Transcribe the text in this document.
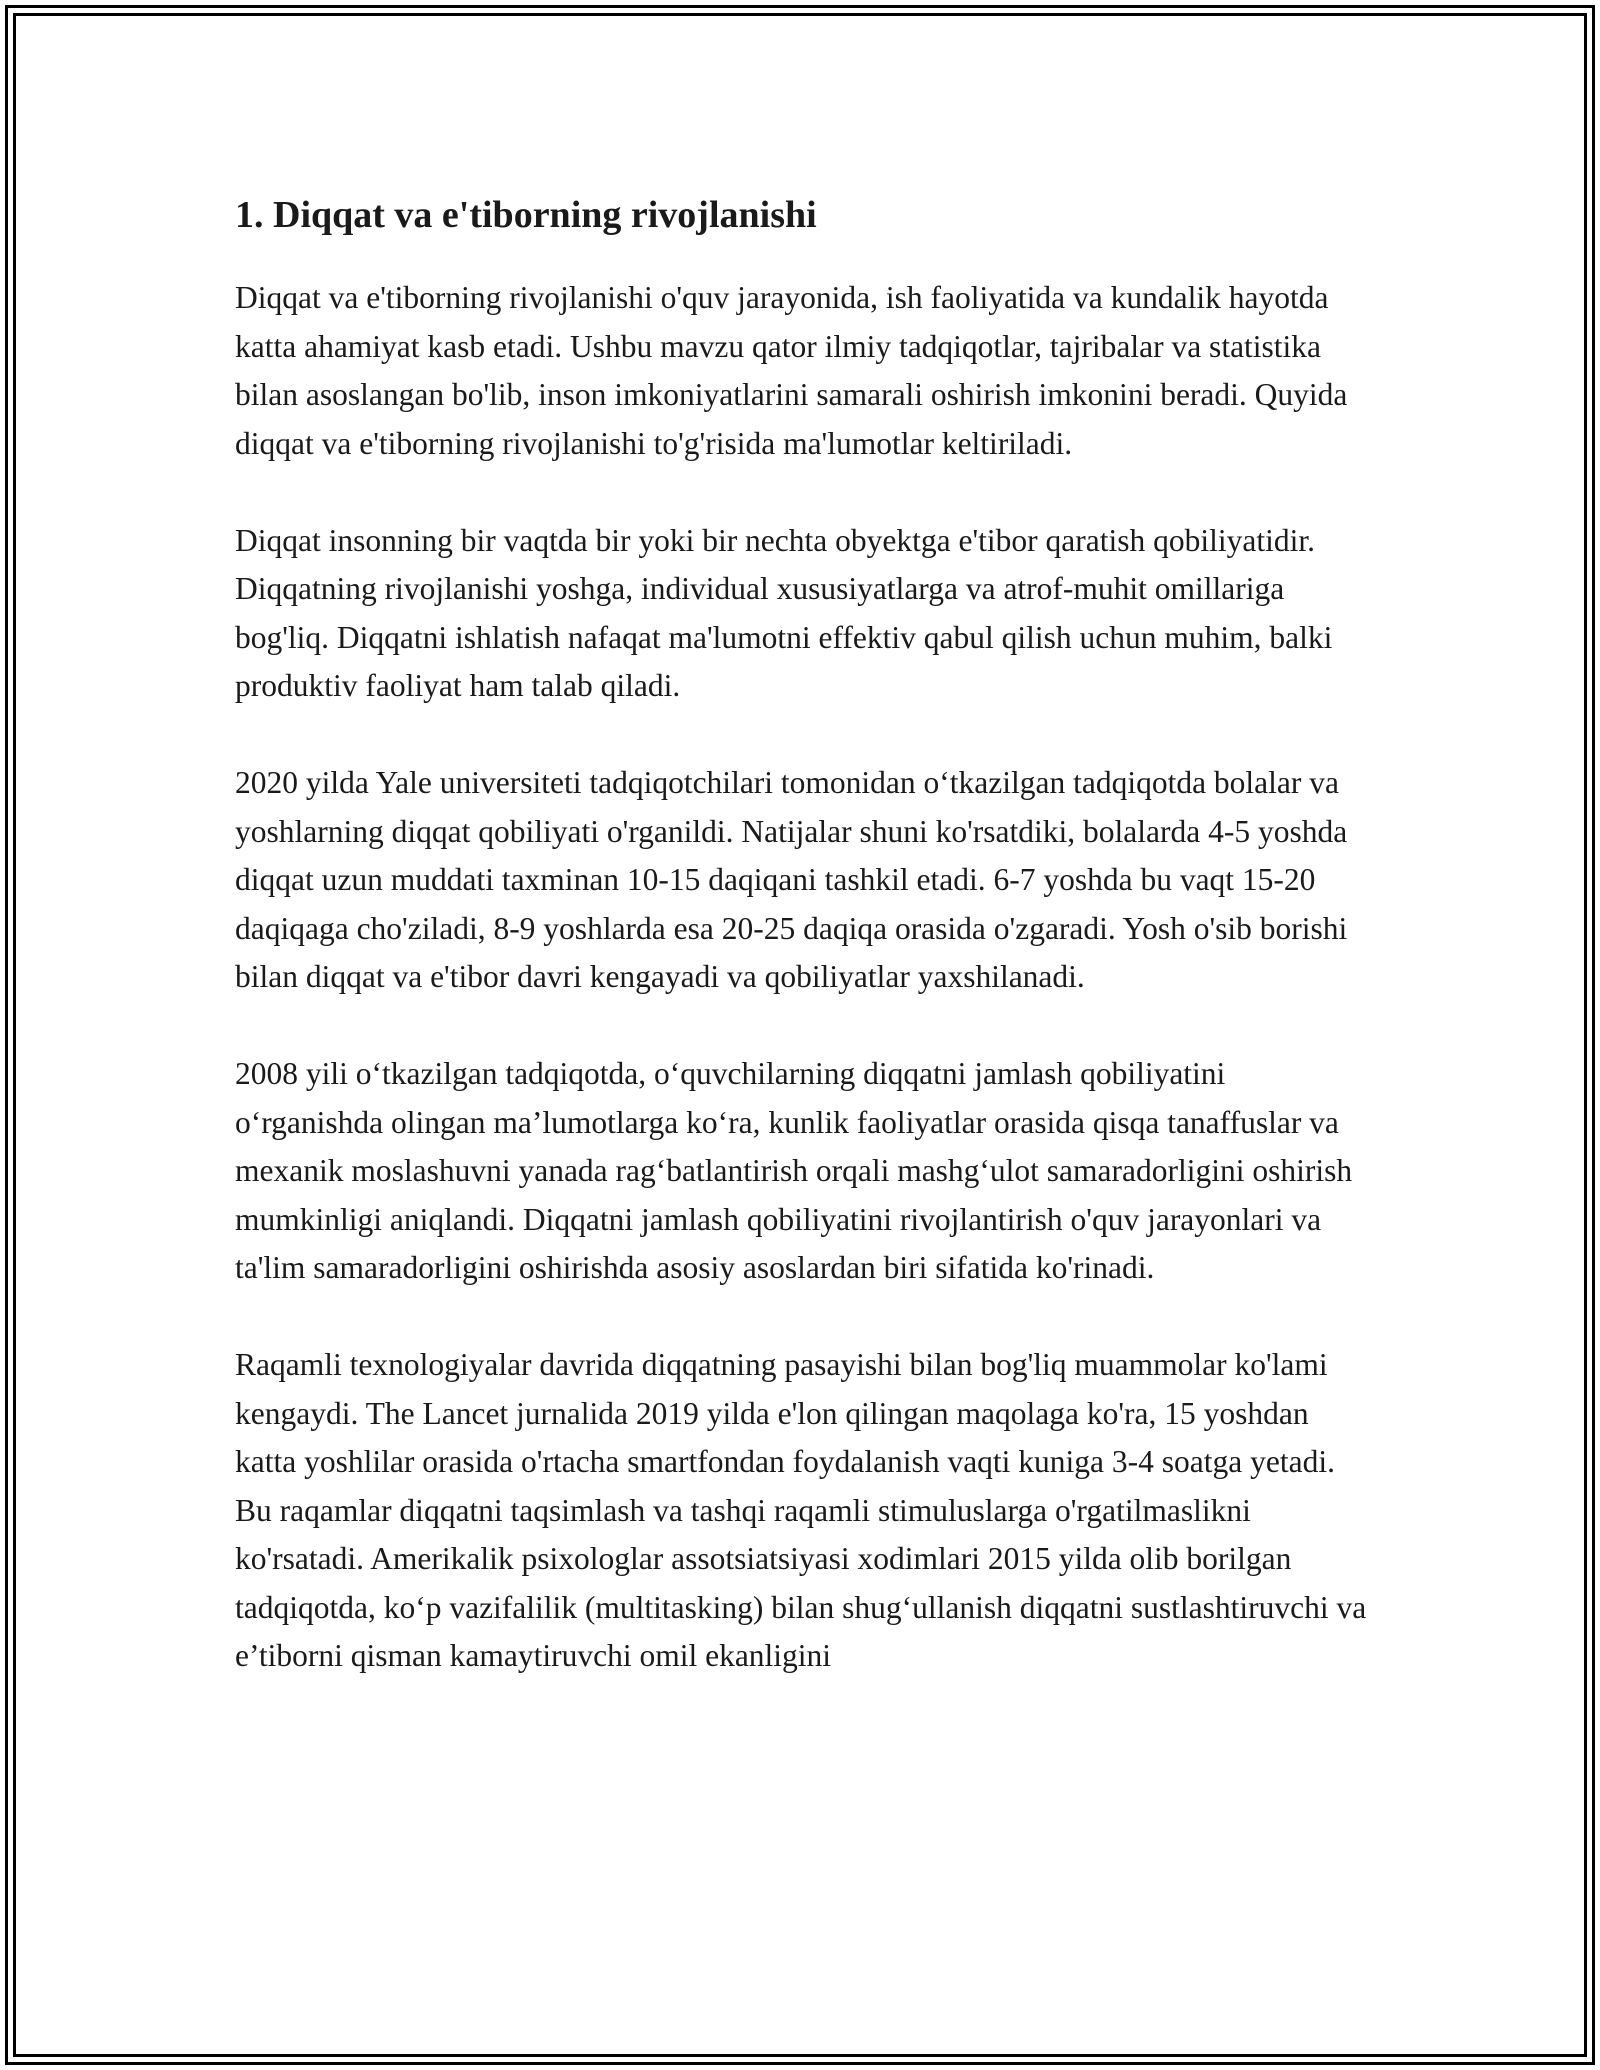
1. Diqqat va e'tiborning rivojlanishi

Diqqat va e'tiborning rivojlanishi o'quv jarayonida, ish faoliyatida va kundalik hayotda katta ahamiyat kasb etadi. Ushbu mavzu qator ilmiy tadqiqotlar, tajribalar va statistika bilan asoslangan bo'lib, inson imkoniyatlarini samarali oshirish imkonini beradi. Quyida diqqat va e'tiborning rivojlanishi to'g'risida ma'lumotlar keltiriladi.

Diqqat insonning bir vaqtda bir yoki bir nechta obyektga e'tibor qaratish qobiliyatidir. Diqqatning rivojlanishi yoshga, individual xususiyatlarga va atrof-muhit omillariga bog'liq. Diqqatni ishlatish nafaqat ma'lumotni effektiv qabul qilish uchun muhim, balki produktiv faoliyat ham talab qiladi.

2020 yilda Yale universiteti tadqiqotchilari tomonidan o‘tkazilgan tadqiqotda bolalar va yoshlarning diqqat qobiliyati o'rganildi. Natijalar shuni ko'rsatdiki, bolalarda 4-5 yoshda diqqat uzun muddati taxminan 10-15 daqiqani tashkil etadi. 6-7 yoshda bu vaqt 15-20 daqiqaga cho'ziladi, 8-9 yoshlarda esa 20-25 daqiqa orasida o'zgaradi. Yosh o'sib borishi bilan diqqat va e'tibor davri kengayadi va qobiliyatlar yaxshilanadi.

2008 yili o‘tkazilgan tadqiqotda, o‘quvchilarning diqqatni jamlash qobiliyatini o‘rganishda olingan ma’lumotlarga ko‘ra, kunlik faoliyatlar orasida qisqa tanaffuslar va mexanik moslashuvni yanada rag‘batlantirish orqali mashg‘ulot samaradorligini oshirish mumkinligi aniqlandi. Diqqatni jamlash qobiliyatini rivojlantirish o'quv jarayonlari va ta'lim samaradorligini oshirishda asosiy asoslardan biri sifatida ko'rinadi.

Raqamli texnologiyalar davrida diqqatning pasayishi bilan bog'liq muammolar ko'lami kengaydi. The Lancet jurnalida 2019 yilda e'lon qilingan maqolaga ko'ra, 15 yoshdan katta yoshlilar orasida o'rtacha smartfondan foydalanish vaqti kuniga 3-4 soatga yetadi. Bu raqamlar diqqatni taqsimlash va tashqi raqamli stimuluslarga o'rgatilmaslikni ko'rsatadi. Amerikalik psixologlar assotsiatsiyasi xodimlari 2015 yilda olib borilgan tadqiqotda, ko‘p vazifalilik (multitasking) bilan shug‘ullanish diqqatni sustlashtiruvchi va e’tiborni qisman kamaytiruvchi omil ekanligini
